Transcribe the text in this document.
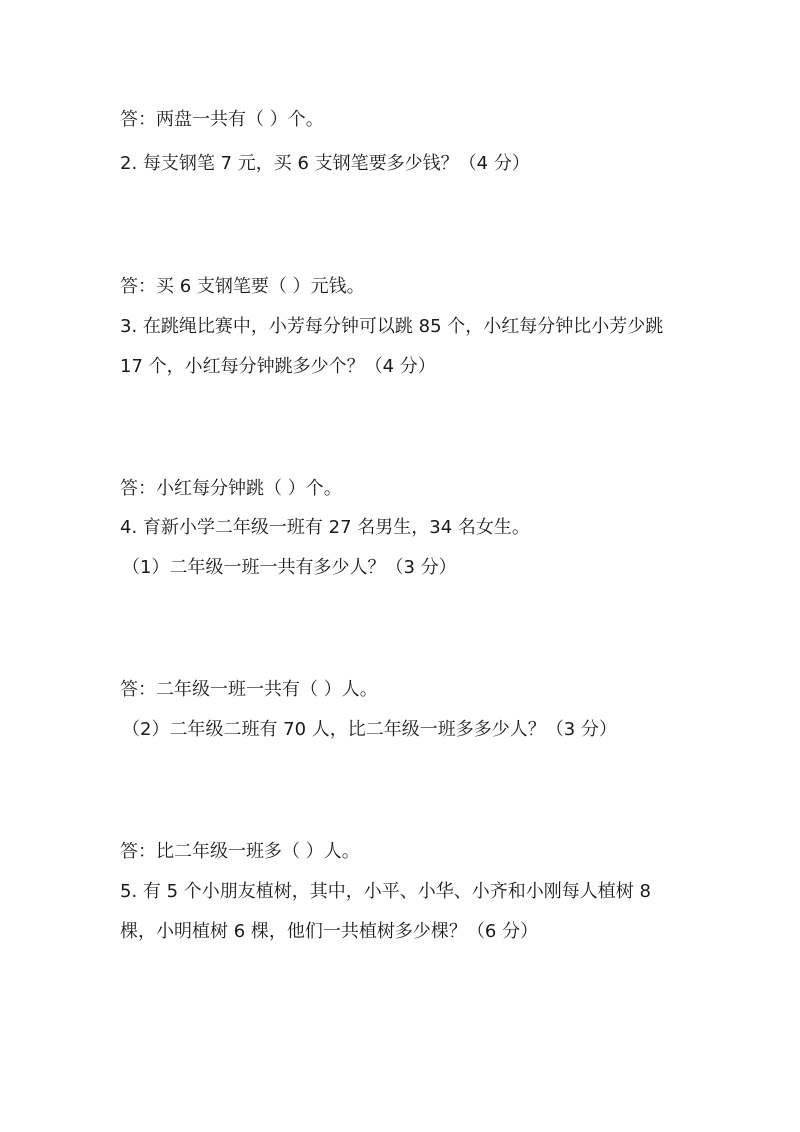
答：两盘一共有（ ）个。
2. 每支钢笔 7 元，买 6 支钢笔要多少钱？（4 分）
答：买 6 支钢笔要（ ）元钱。
3. 在跳绳比赛中，小芳每分钟可以跳 85 个，小红每分钟比小芳少跳
17 个，小红每分钟跳多少个？（4 分）
答：小红每分钟跳（ ）个。
4. 育新小学二年级一班有 27 名男生，34 名女生。
（1）二年级一班一共有多少人？（3 分）
答：二年级一班一共有（ ）人。
（2）二年级二班有 70 人，比二年级一班多多少人？（3 分）
答：比二年级一班多（ ）人。
5. 有 5 个小朋友植树，其中，小平、小华、小齐和小刚每人植树 8
棵，小明植树 6 棵，他们一共植树多少棵？（6 分）
